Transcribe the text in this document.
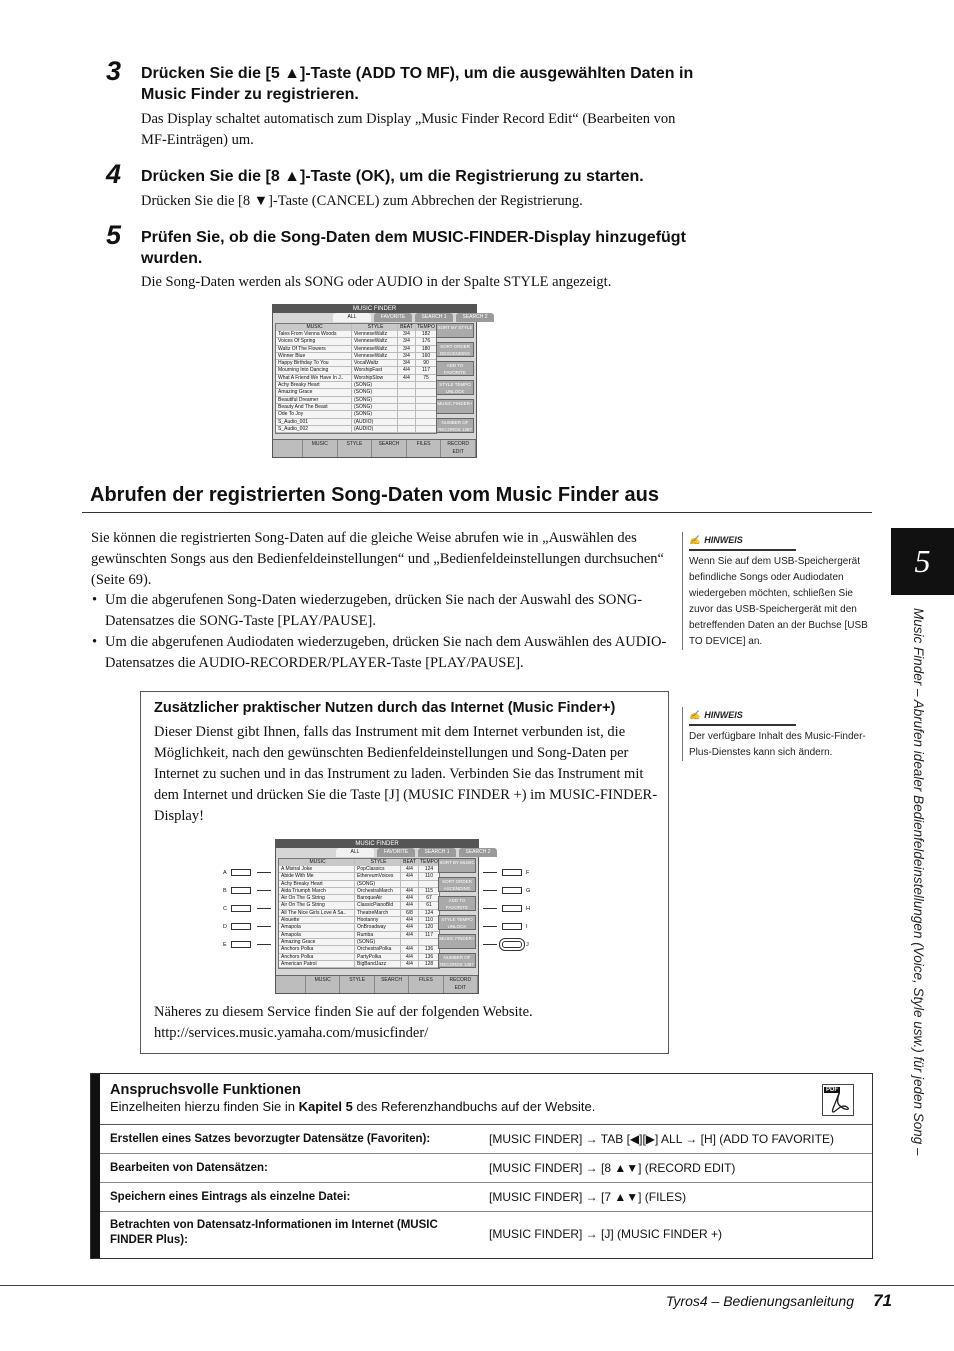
3 Drücken Sie die [5 ▲]-Taste (ADD TO MF), um die ausgewählten Daten in Music Finder zu registrieren.
Das Display schaltet automatisch zum Display „Music Finder Record Edit“ (Bearbeiten von MF-Einträgen) um.
4 Drücken Sie die [8 ▲]-Taste (OK), um die Registrierung zu starten.
Drücken Sie die [8 ▼]-Taste (CANCEL) zum Abbrechen der Registrierung.
5 Prüfen Sie, ob die Song-Daten dem MUSIC-FINDER-Display hinzugefügt wurden.
Die Song-Daten werden als SONG oder AUDIO in der Spalte STYLE angezeigt.
MUSIC FINDER
ALL	FAVORITE	SEARCH 1	SEARCH 2
MUSIC	STYLE	BEAT TEMPO
Tales From Vienna Woods	VienneseWaltz	3/4	182
Voices Of Spring	VienneseWaltz	3/4	176
Waltz Of The Flowers	VienneseWaltz	3/4	180
Winner Blue	VienneseWaltz	3/4	160
Happy Birthday To You	VocalWaltz	3/4	90
Mourning Into Dancing	WorshipFast	4/4	117
What A Friend We Have In J..	WorshipSlow	4/4	75
Achy Breaky Heart	(SONG)
Amazing Grace	(SONG)
Beautiful Dreamer	(SONG)
Beauty And The Beast	(SONG)
Ode To Joy	(SONG)
S_Audio_001	(AUDIO)
S_Audio_002	(AUDIO)
SORT BY STYLE
SORT ORDER DESCENDING
ADD TO FAVORITE
STYLE TEMPO UNLOCK
MUSIC FINDER+
NUMBER OF RECORDS 1357
MUSIC	STYLE	SEARCH	FILES	RECORD EDIT
Abrufen der registrierten Song-Daten vom Music Finder aus
Sie können die registrierten Song-Daten auf die gleiche Weise abrufen wie in „Auswählen des gewünschten Songs aus den Bedienfeldeinstellungen“ und „Bedienfeldeinstellungen durchsuchen“ (Seite 69).
• Um die abgerufenen Song-Daten wiederzugeben, drücken Sie nach der Auswahl des SONG-Datensatzes die SONG-Taste [PLAY/PAUSE].
• Um die abgerufenen Audiodaten wiederzugeben, drücken Sie nach dem Auswählen des AUDIO-Datensatzes die AUDIO-RECORDER/PLAYER-Taste [PLAY/PAUSE].
✍ HINWEIS
Wenn Sie auf dem USB-Speichergerät befindliche Songs oder Audiodaten wiedergeben möchten, schließen Sie zuvor das USB-Speichergerät mit den betreffenden Daten an der Buchse [USB TO DEVICE] an.
✍ HINWEIS
Der verfügbare Inhalt des Music-Finder-Plus-Dienstes kann sich ändern.
Zusätzlicher praktischer Nutzen durch das Internet (Music Finder+)
Dieser Dienst gibt Ihnen, falls das Instrument mit dem Internet verbunden ist, die Möglichkeit, nach den gewünschten Bedienfeldeinstellungen und Song-Daten per Internet zu suchen und in das Instrument zu laden. Verbinden Sie das Instrument mit dem Internet und drücken Sie die Taste [J] (MUSIC FINDER +) im MUSIC-FINDER-Display!
Näheres zu diesem Service finden Sie auf der folgenden Website.
http://services.music.yamaha.com/musicfinder/
A
B
C
D
E
F
G
H
I
J
MUSIC FINDER
ALL	FAVORITE	SEARCH 1	SEARCH 2
MUSIC	STYLE	BEAT TEMPO
A Mistral Joke	PopClassics	4/4	124
Abide With Me	EthereumVoices	4/4	110
Achy Breaky Heart	(SONG)
Aida Triumph March	OrchestraMarch	4/4	115
Air On The G String	BaroqueAir	4/4	67
Air On The G String	ClassicPianoBld	4/4	61
All The Nice Girls Love A Sa..	TheatreMarch	6/8	124
Alouette	Hootanny	4/4	110
Amapola	OnBroadway	4/4	120
Amapola	Rumba	4/4	117
Amazing Grace	(SONG)
Anchors Polka	OrchestraPolka	4/4	136
Anchors Polka	PartyPolka	4/4	136
American Patrol	BigBandJazz	4/4	128
SORT BY MUSIC
SORT ORDER ASCENDING
ADD TO FAVORITE
STYLE TEMPO UNLOCK
MUSIC FINDER+
NUMBER OF RECORDS 1357
MUSIC	STYLE	SEARCH	FILES	RECORD EDIT
Anspruchsvolle Funktionen
Einzelheiten hierzu finden Sie in Kapitel 5 des Referenzhandbuchs auf der Website.
PDF
Erstellen eines Satzes bevorzugter Datensätze (Favoriten):	[MUSIC FINDER] → TAB [◀][▶] ALL → [H] (ADD TO FAVORITE)
Bearbeiten von Datensätzen:	[MUSIC FINDER] → [8 ▲▼] (RECORD EDIT)
Speichern eines Eintrags als einzelne Datei:	[MUSIC FINDER] → [7 ▲▼] (FILES)
Betrachten von Datensatz-Informationen im Internet (MUSIC FINDER Plus):	[MUSIC FINDER] → [J] (MUSIC FINDER +)
5
Music Finder – Abrufen idealer Bedienfeldeinstellungen (Voice, Style usw.) für jeden Song –
Tyros4 – Bedienungsanleitung 71
